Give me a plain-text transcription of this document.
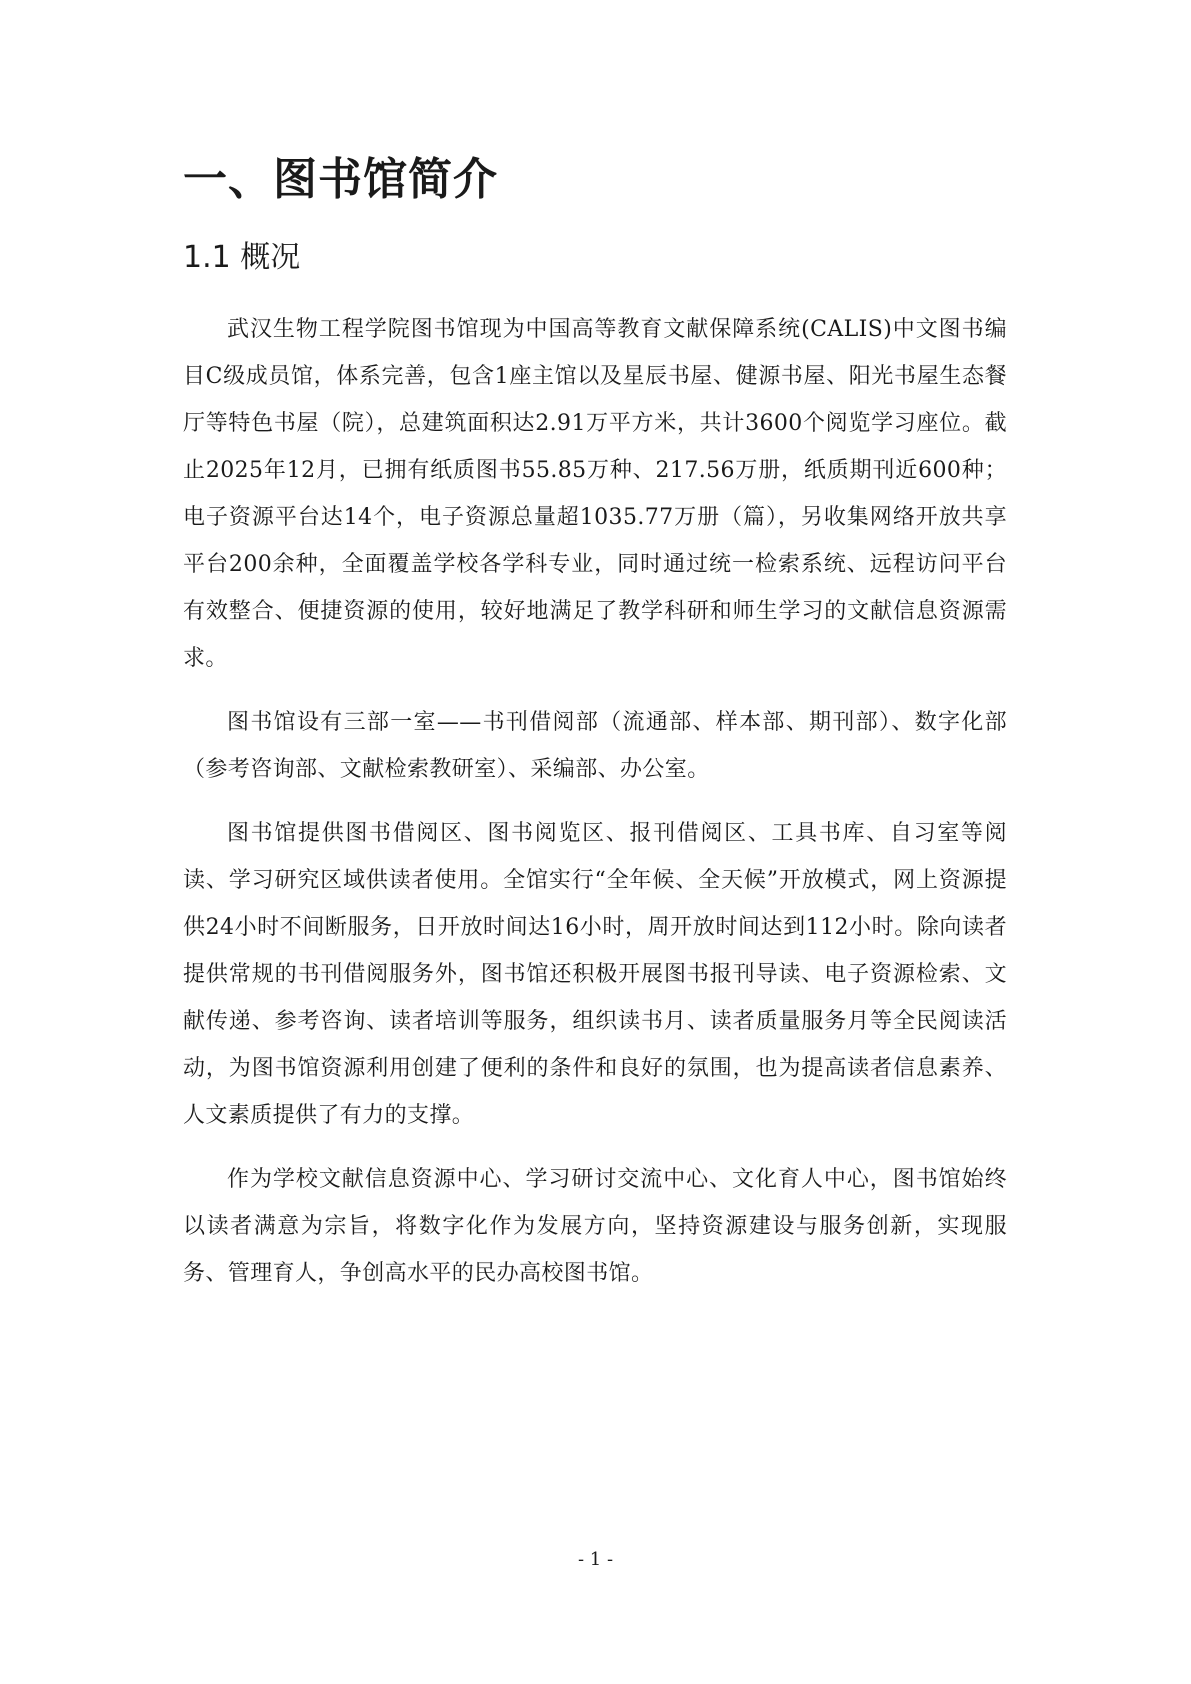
一、图书馆简介
1.1 概况

武汉生物工程学院图书馆现为中国高等教育文献保障系统(CALIS)中文图书编目C级成员馆，体系完善，包含1座主馆以及星辰书屋、健源书屋、阳光书屋生态餐厅等特色书屋（院），总建筑面积达2.91万平方米，共计3600个阅览学习座位。截止2025年12月，已拥有纸质图书55.85万种、217.56万册，纸质期刊近600种；电子资源平台达14个，电子资源总量超1035.77万册（篇），另收集网络开放共享平台200余种，全面覆盖学校各学科专业，同时通过统一检索系统、远程访问平台有效整合、便捷资源的使用，较好地满足了教学科研和师生学习的文献信息资源需求。

图书馆设有三部一室——书刊借阅部（流通部、样本部、期刊部）、数字化部（参考咨询部、文献检索教研室）、采编部、办公室。

图书馆提供图书借阅区、图书阅览区、报刊借阅区、工具书库、自习室等阅读、学习研究区域供读者使用。全馆实行“全年候、全天候”开放模式，网上资源提供24小时不间断服务，日开放时间达16小时，周开放时间达到112小时。除向读者提供常规的书刊借阅服务外，图书馆还积极开展图书报刊导读、电子资源检索、文献传递、参考咨询、读者培训等服务，组织读书月、读者质量服务月等全民阅读活动，为图书馆资源利用创建了便利的条件和良好的氛围，也为提高读者信息素养、人文素质提供了有力的支撑。

作为学校文献信息资源中心、学习研讨交流中心、文化育人中心，图书馆始终以读者满意为宗旨，将数字化作为发展方向，坚持资源建设与服务创新，实现服务、管理育人，争创高水平的民办高校图书馆。

- 1 -
